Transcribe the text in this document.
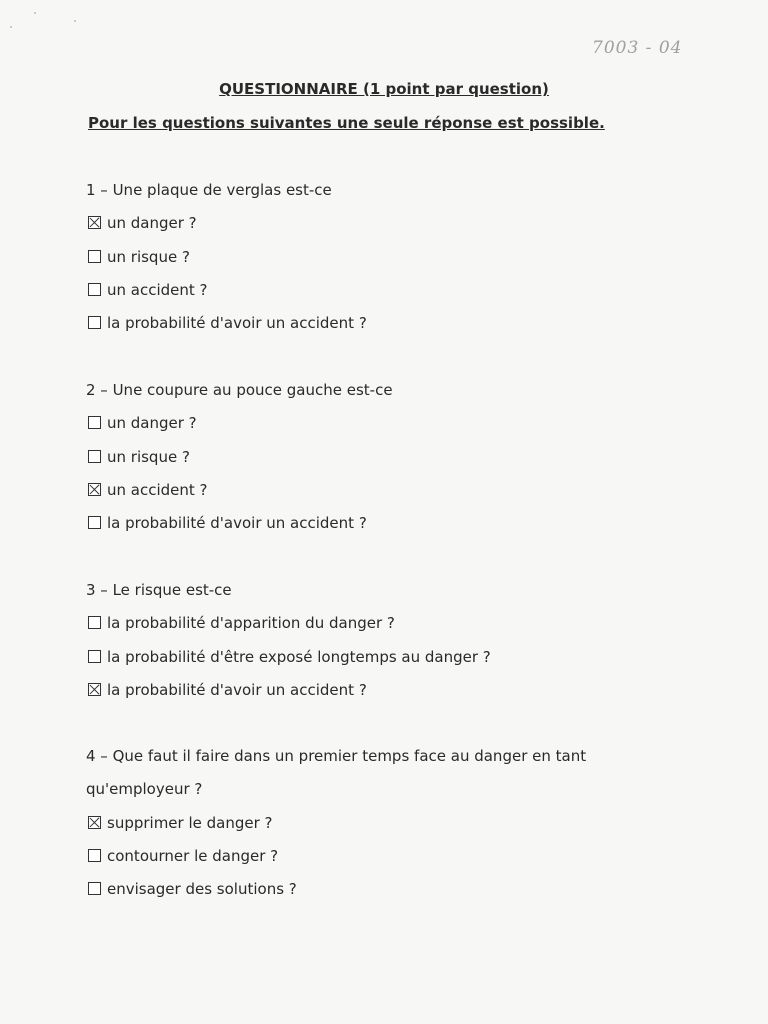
7003 - 04
QUESTIONNAIRE (1 point par question)
Pour les questions suivantes une seule réponse est possible.
1 – Une plaque de verglas est-ce
un danger ?
un risque ?
un accident ?
la probabilité d'avoir un accident ?
2 – Une coupure au pouce gauche est-ce
un danger ?
un risque ?
un accident ?
la probabilité d'avoir un accident ?
3 – Le risque est-ce
la probabilité d'apparition du danger ?
la probabilité d'être exposé longtemps au danger ?
la probabilité d'avoir un accident ?
4 – Que faut il faire dans un premier temps face au danger en tant
qu'employeur ?
supprimer le danger ?
contourner le danger ?
envisager des solutions ?
